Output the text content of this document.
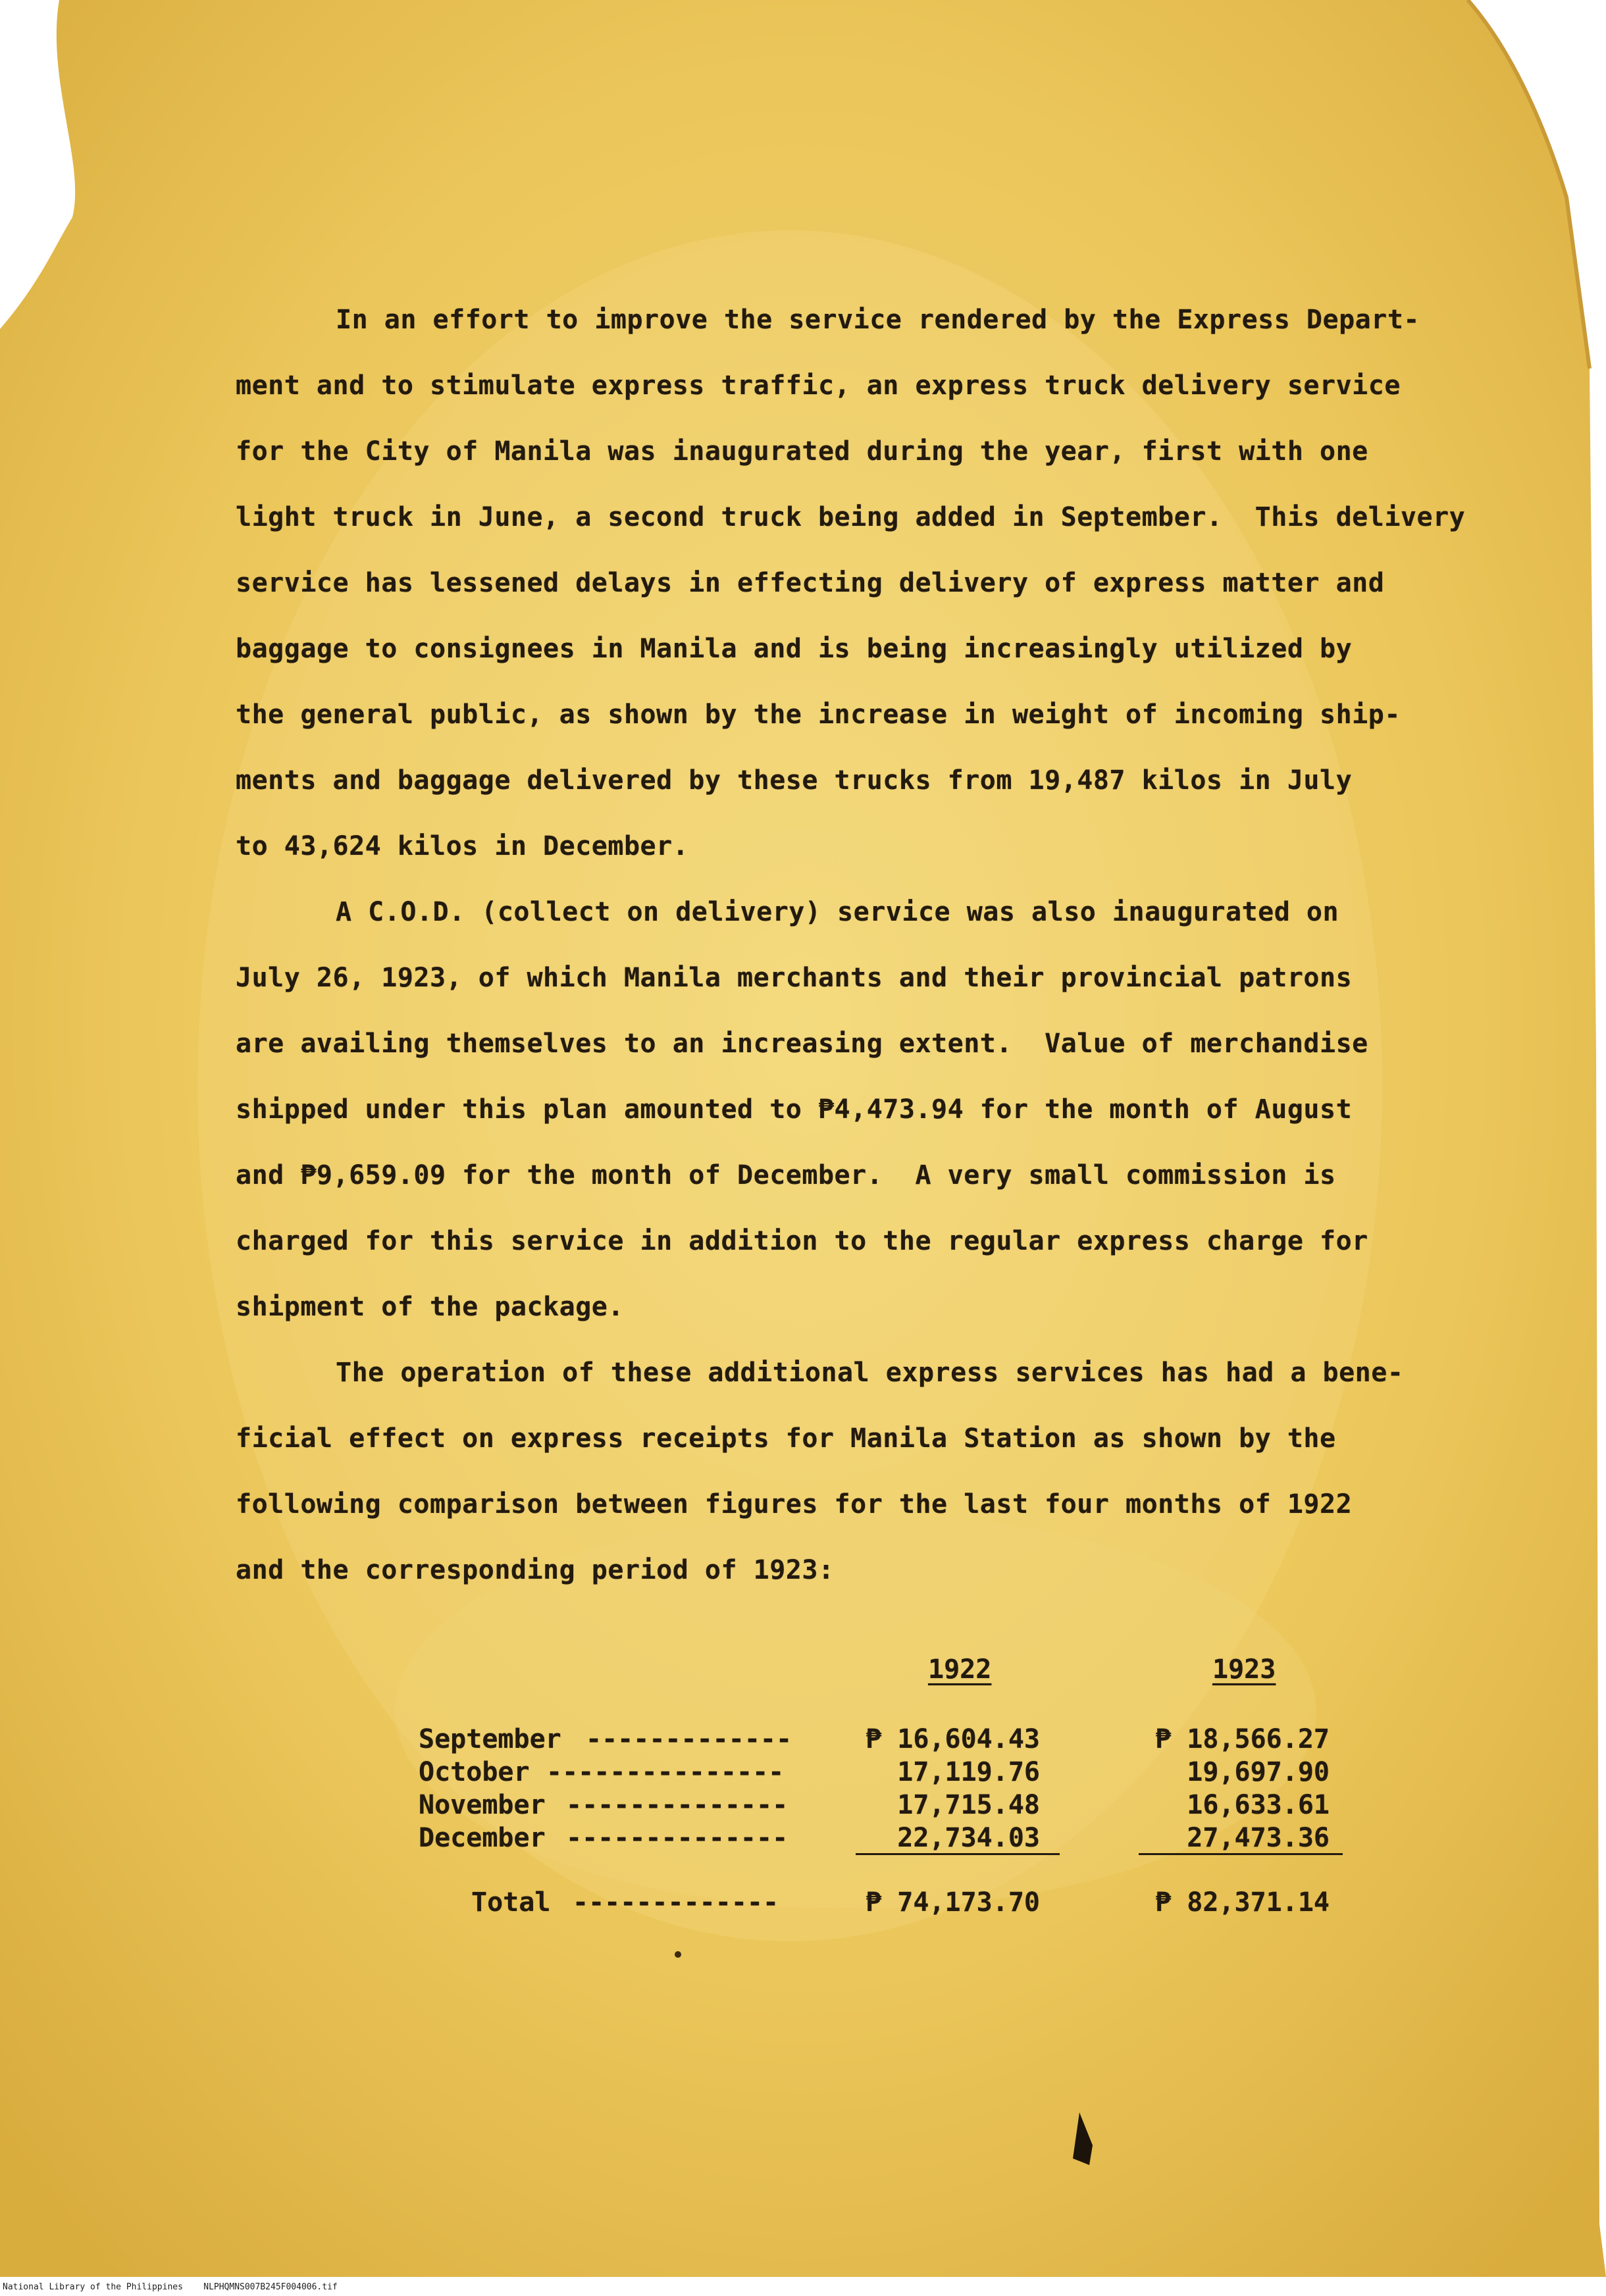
In an effort to improve the service rendered by the Express Depart-
ment and to stimulate express traffic, an express truck delivery service
for the City of Manila was inaugurated during the year, first with one
light truck in June, a second truck being added in September.  This delivery
service has lessened delays in effecting delivery of express matter and
baggage to consignees in Manila and is being increasingly utilized by
the general public, as shown by the increase in weight of incoming ship-
ments and baggage delivered by these trucks from 19,487 kilos in July
to 43,624 kilos in December.
A C.O.D. (collect on delivery) service was also inaugurated on
July 26, 1923, of which Manila merchants and their provincial patrons
are availing themselves to an increasing extent.  Value of merchandise
shipped under this plan amounted to ₱4,473.94 for the month of August
and ₱9,659.09 for the month of December.  A very small commission is
charged for this service in addition to the regular express charge for
shipment of the package.
The operation of these additional express services has had a bene-
ficial effect on express receipts for Manila Station as shown by the
following comparison between figures for the last four months of 1922
and the corresponding period of 1923:
1922	1923
September -------------	₱ 16,604.43	₱ 18,566.27
October ---------------	17,119.76	19,697.90
November --------------	17,715.48	16,633.61
December --------------	22,734.03	27,473.36
Total -------------	₱ 74,173.70	₱ 82,371.14
National Library of the Philippines    NLPHQMNS007B245F004006.tif
